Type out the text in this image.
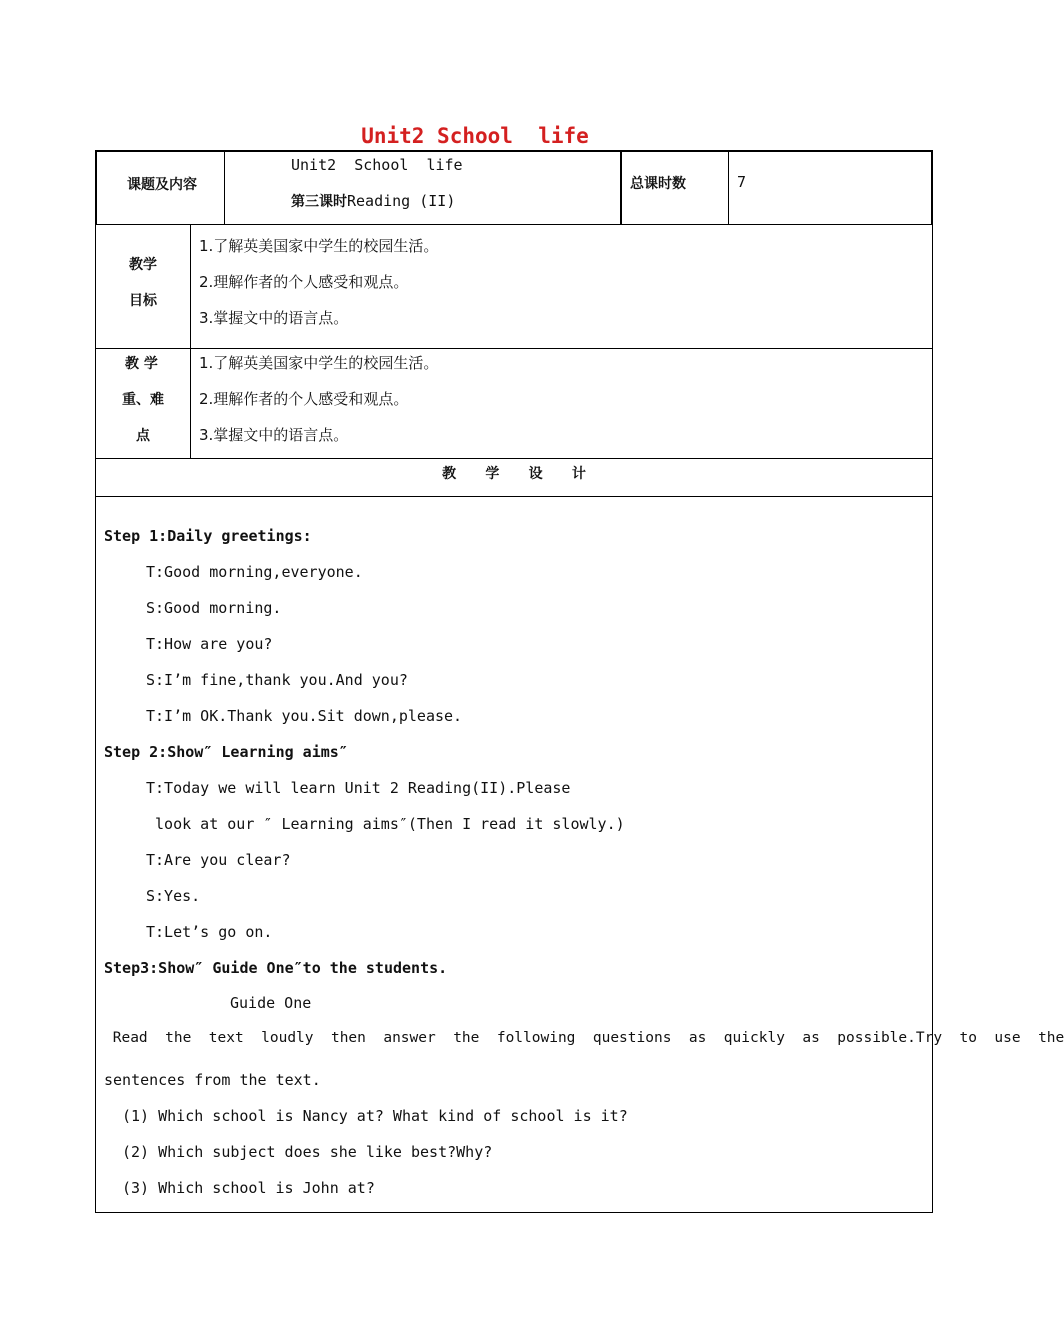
Unit2 School  life
课题及内容
Unit2  School  life
第三课时Reading (II)
总课时数	7
教学
目标
1.了解英美国家中学生的校园生活。
2.理解作者的个人感受和观点。
3.掌握文中的语言点。
教 学
重、难
点
1.了解英美国家中学生的校园生活。
2.理解作者的个人感受和观点。
3.掌握文中的语言点。
教      学      设      计
Step 1:Daily greetings:
T:Good morning,everyone.
S:Good morning.
T:How are you?
S:I’m fine,thank you.And you?
T:I’m OK.Thank you.Sit down,please.
Step 2:Show″ Learning aims″
T:Today we will learn Unit 2 Reading(II).Please
look at our ″ Learning aims″(Then I read it slowly.)
T:Are you clear?
S:Yes.
T:Let’s go on.
Step3:Show″ Guide One″to the students.
Guide One
Read  the  text  loudly  then  answer  the  following  questions  as  quickly  as  possible.Try  to  use  the
sentences from the text.
(1) Which school is Nancy at? What kind of school is it?
(2) Which subject does she like best?Why?
(3) Which school is John at?
